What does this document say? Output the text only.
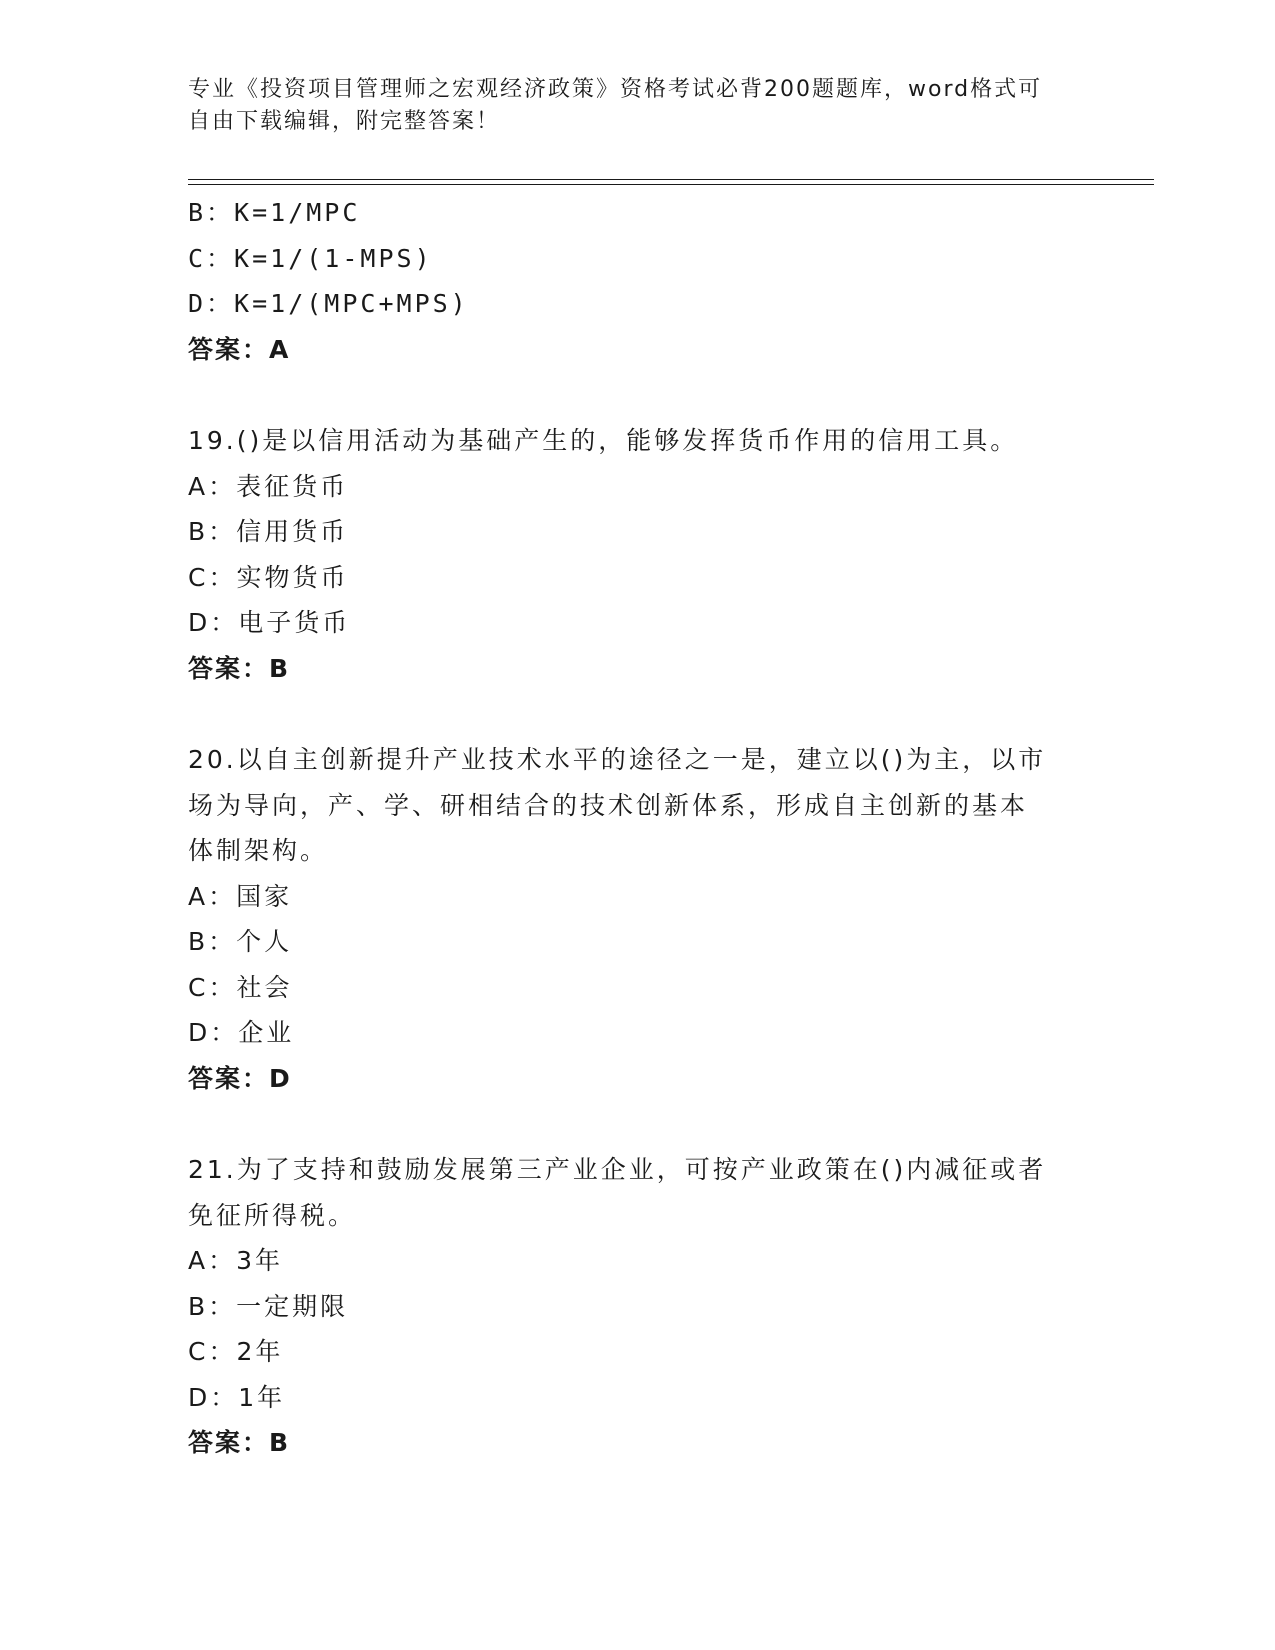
专业《投资项目管理师之宏观经济政策》资格考试必背200题题库，word格式可
自由下载编辑，附完整答案！
B：K=1/MPC
C：K=1/(1-MPS)
D：K=1/(MPC+MPS)
答案：A
19.()是以信用活动为基础产生的，能够发挥货币作用的信用工具。
A：表征货币
B：信用货币
C：实物货币
D：电子货币
答案：B
20.以自主创新提升产业技术水平的途径之一是，建立以()为主，以市
场为导向，产、学、研相结合的技术创新体系，形成自主创新的基本
体制架构。
A：国家
B：个人
C：社会
D：企业
答案：D
21.为了支持和鼓励发展第三产业企业，可按产业政策在()内减征或者
免征所得税。
A：3年
B：一定期限
C：2年
D：1年
答案：B
